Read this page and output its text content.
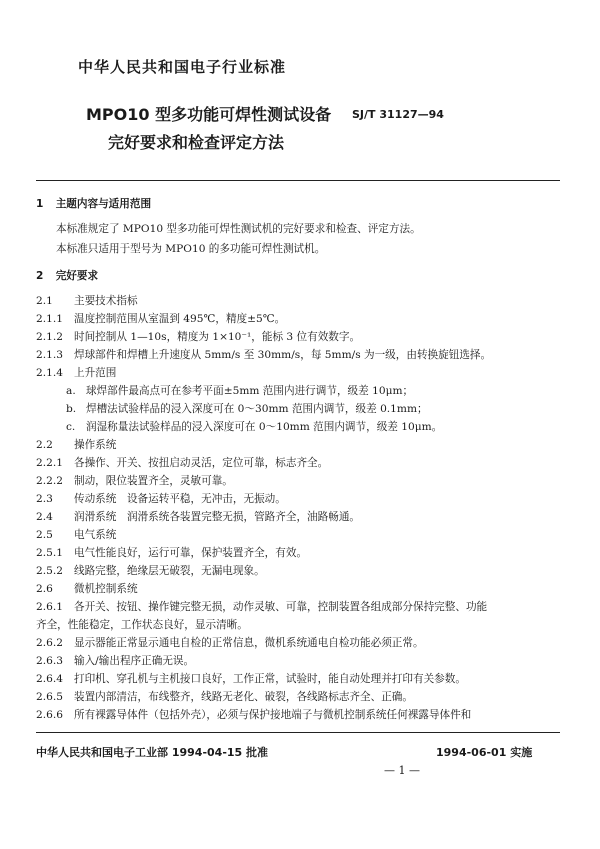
中华人民共和国电子行业标准
MPO10 型多功能可焊性测试设备
完好要求和检查评定方法
SJ/T 31127—94
1 主题内容与适用范围
本标准规定了 MPO10 型多功能可焊性测试机的完好要求和检查、评定方法。
本标准只适用于型号为 MPO10 的多功能可焊性测试机。
2 完好要求
2.1 主要技术指标
2.1.1 温度控制范围从室温到 495℃，精度±5℃。
2.1.2 时间控制从 1—10s，精度为 1×10⁻¹，能标 3 位有效数字。
2.1.3 焊球部件和焊槽上升速度从 5mm/s 至 30mm/s，每 5mm/s 为一级，由转换旋钮选择。
2.1.4 上升范围
a. 球焊部件最高点可在参考平面±5mm 范围内进行调节，级差 10μm；
b. 焊槽法试验样品的浸入深度可在 0～30mm 范围内调节，级差 0.1mm；
c. 润湿称量法试验样品的浸入深度可在 0～10mm 范围内调节，级差 10μm。
2.2 操作系统
2.2.1 各操作、开关、按扭启动灵活，定位可靠，标志齐全。
2.2.2 制动，限位装置齐全，灵敏可靠。
2.3 传动系统　设备运转平稳，无冲击，无振动。
2.4 润滑系统　润滑系统各装置完整无损，管路齐全，油路畅通。
2.5 电气系统
2.5.1 电气性能良好，运行可靠，保护装置齐全，有效。
2.5.2 线路完整，绝缘层无破裂，无漏电现象。
2.6 微机控制系统
2.6.1 各开关、按钮、操作键完整无损，动作灵敏、可靠，控制装置各组成部分保持完整、功能
齐全，性能稳定，工作状态良好，显示清晰。
2.6.2 显示器能正常显示通电自检的正常信息，微机系统通电自检功能必须正常。
2.6.3 输入/输出程序正确无误。
2.6.4 打印机、穿孔机与主机接口良好，工作正常，试验时，能自动处理并打印有关参数。
2.6.5 装置内部清洁，布线整齐，线路无老化、破裂，各线路标志齐全、正确。
2.6.6 所有裸露导体件（包括外壳），必须与保护接地端子与微机控制系统任何裸露导体件和
中华人民共和国电子工业部 1994-04-15 批准	1994-06-01 实施
— 1 —
